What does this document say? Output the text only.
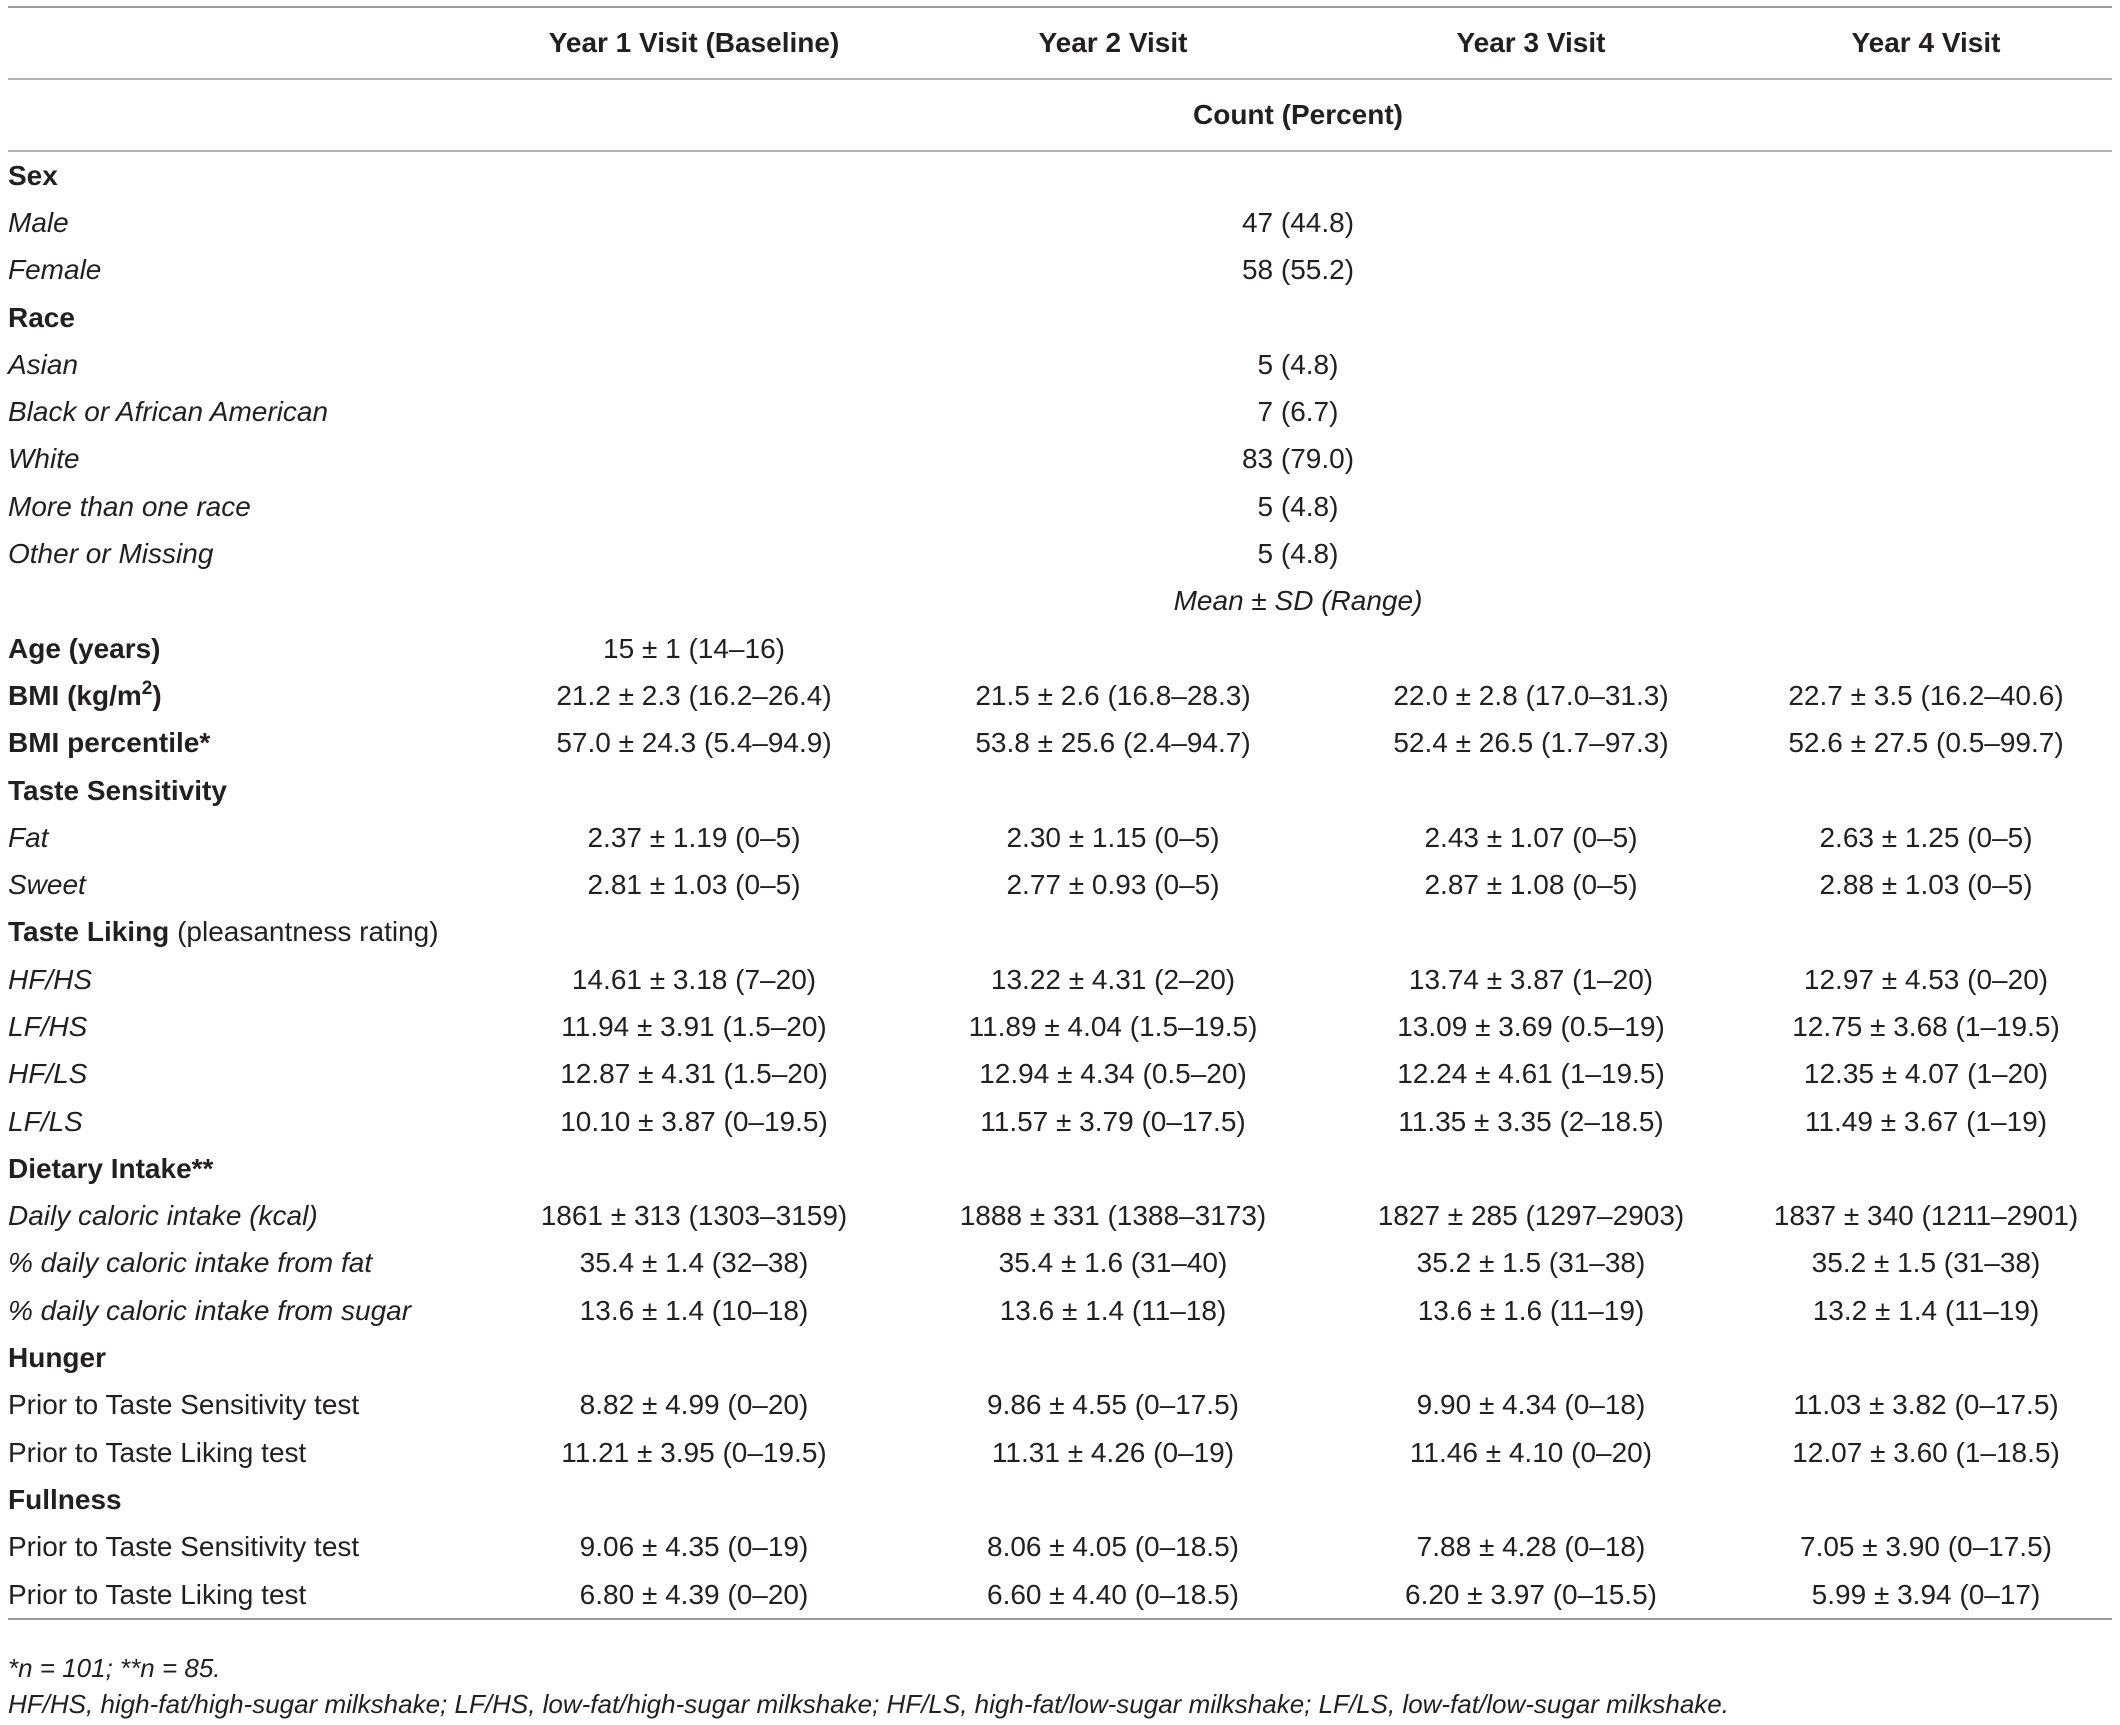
	Year 1 Visit (Baseline)	Year 2 Visit	Year 3 Visit	Year 4 Visit
	Count (Percent)			
Sex				
Male	47 (44.8)			
Female	58 (55.2)			
Race				
Asian	5 (4.8)			
Black or African American	7 (6.7)			
White	83 (79.0)			
More than one race	5 (4.8)			
Other or Missing	5 (4.8)			
	Mean ± SD (Range)			
Age (years)	15 ± 1 (14–16)			
BMI $(kg/m^2)$	21.2 ± 2.3 (16.2–26.4)	21.5 ± 2.6 (16.8–28.3)	22.0 ± 2.8 (17.0–31.3)	22.7 ± 3.5 (16.2–40.6)
BMI percentile*	57.0 ± 24.3 (5.4–94.9)	53.8 ± 25.6 (2.4–94.7)	52.4 ± 26.5 (1.7–97.3)	52.6 ± 27.5 (0.5–99.7)
Taste Sensitivity				
Fat	2.37 ± 1.19 (0–5)	2.30 ± 1.15 (0–5)	2.43 ± 1.07 (0–5)	2.63 ± 1.25 (0–5)
Sweet	2.81 ± 1.03 (0–5)	2.77 ± 0.93 (0–5)	2.87 ± 1.08 (0–5)	2.88 ± 1.03 (0–5)
Taste Liking (pleasantness rating)				
HF/HS	14.61 ± 3.18 (7–20)	13.22 ± 4.31 (2–20)	13.74 ± 3.87 (1–20)	12.97 ± 4.53 (0–20)
LF/HS	11.94 ± 3.91 (1.5–20)	11.89 ± 4.04 (1.5–19.5)	13.09 ± 3.69 (0.5–19)	12.75 ± 3.68 (1–19.5)
HF/LS	12.87 ± 4.31 (1.5–20)	12.94 ± 4.34 (0.5–20)	12.24 ± 4.61 (1–19.5)	12.35 ± 4.07 (1–20)
LF/LS	10.10 ± 3.87 (0–19.5)	11.57 ± 3.79 (0–17.5)	11.35 ± 3.35 (2–18.5)	11.49 ± 3.67 (1–19)
Dietary Intake**				
Daily caloric intake (kcal)	1861 ± 313 (1303–3159)	1888 ± 331 (1388–3173)	1827 ± 285 (1297–2903)	1837 ± 340 (1211–2901)
% daily caloric intake from fat	35.4 ± 1.4 (32–38)	35.4 ± 1.6 (31–40)	35.2 ± 1.5 (31–38)	35.2 ± 1.5 (31–38)
% daily caloric intake from sugar	13.6 ± 1.4 (10–18)	13.6 ± 1.4 (11–18)	13.6 ± 1.6 (11–19)	13.2 ± 1.4 (11–19)
Hunger				
Prior to Taste Sensitivity test	8.82 ± 4.99 (0–20)	9.86 ± 4.55 (0–17.5)	9.90 ± 4.34 (0–18)	11.03 ± 3.82 (0–17.5)
Prior to Taste Liking test	11.21 ± 3.95 (0–19.5)	11.31 ± 4.26 (0–19)	11.46 ± 4.10 (0–20)	12.07 ± 3.60 (1–18.5)
Fullness				
Prior to Taste Sensitivity test	9.06 ± 4.35 (0–19)	8.06 ± 4.05 (0–18.5)	7.88 ± 4.28 (0–18)	7.05 ± 3.90 (0–17.5)
Prior to Taste Liking test	6.80 ± 4.39 (0–20)	6.60 ± 4.40 (0–18.5)	6.20 ± 3.97 (0–15.5)	5.99 ± 3.94 (0–17)
*n = 101; **n = 85.
HF/HS, high-fat/high-sugar milkshake; LF/HS, low-fat/high-sugar milkshake; HF/LS, high-fat/low-sugar milkshake; LF/LS, low-fat/low-sugar milkshake.
